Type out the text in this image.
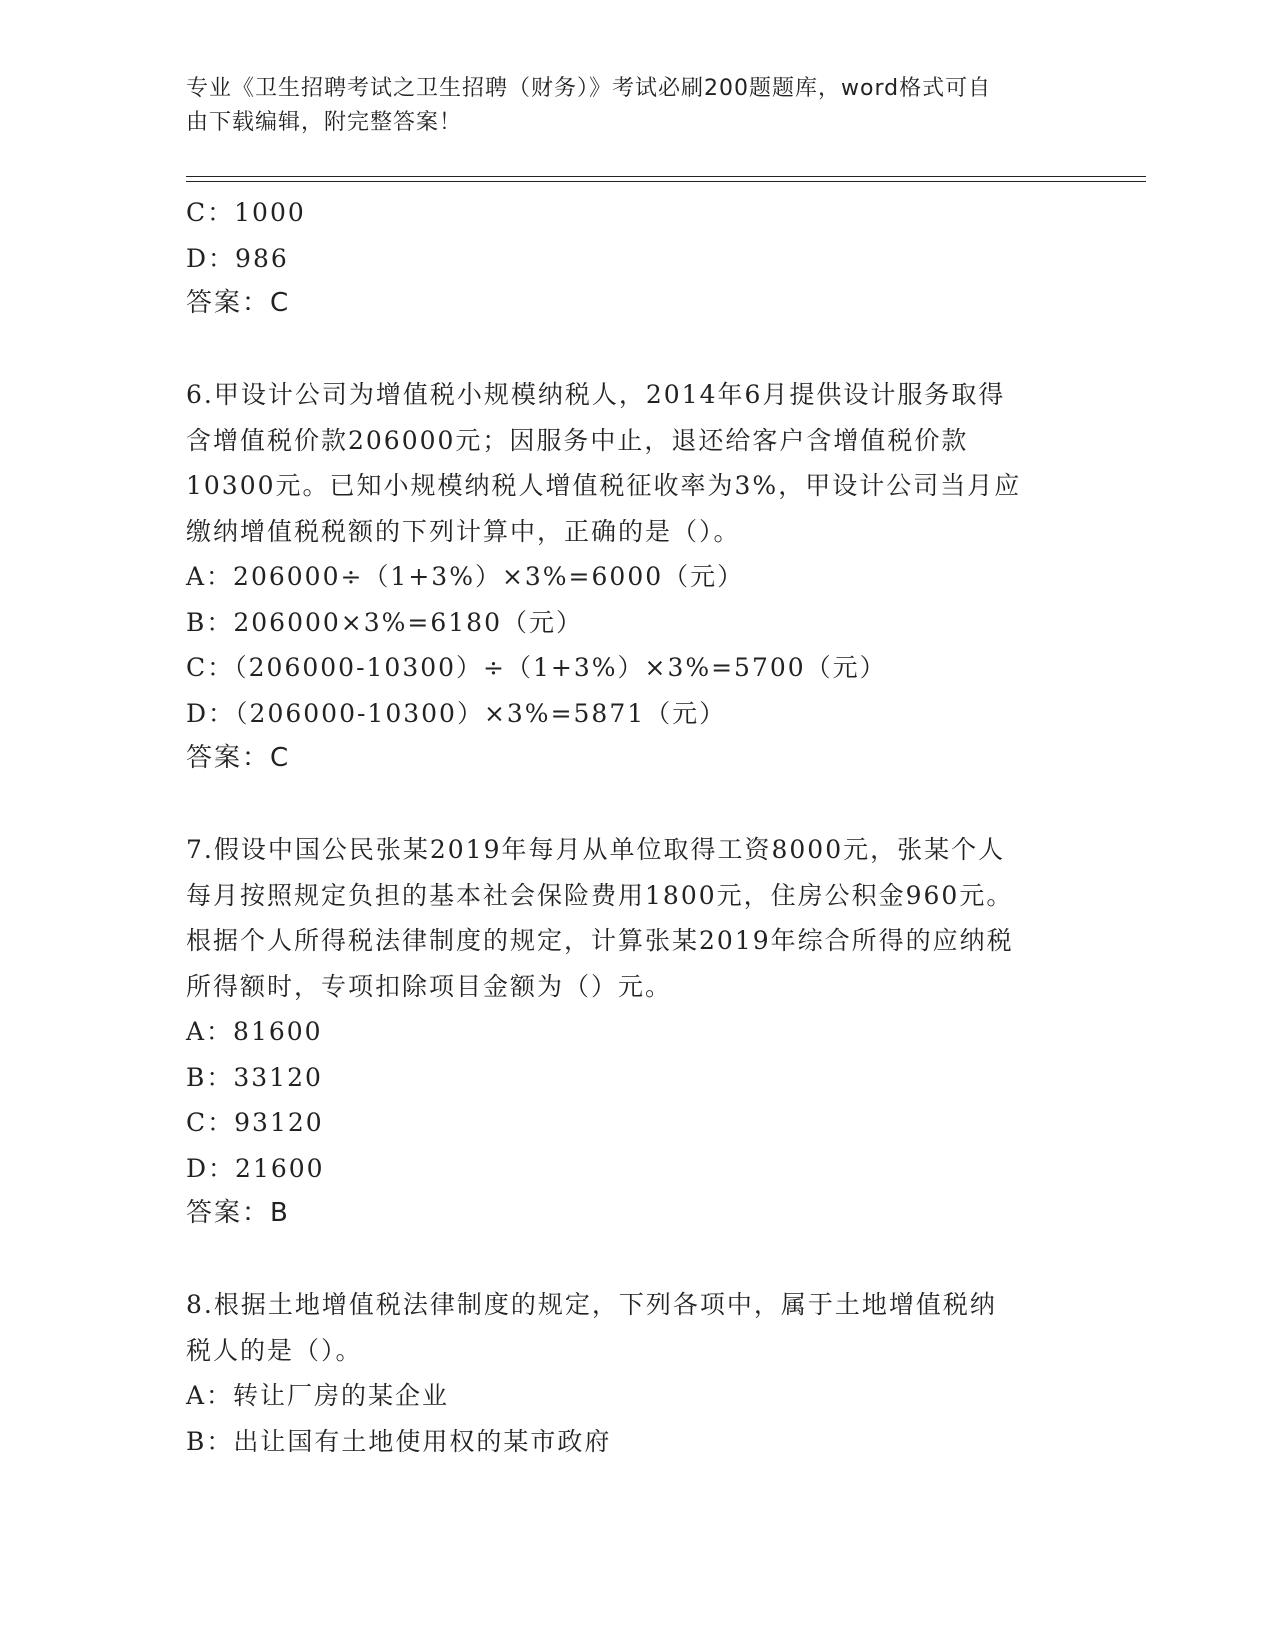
专业《卫生招聘考试之卫生招聘（财务）》考试必刷200题题库，word格式可自
由下载编辑，附完整答案！
C：1000
D：986
答案：C
6.甲设计公司为增值税小规模纳税人，2014年6月提供设计服务取得
含增值税价款206000元；因服务中止，退还给客户含增值税价款
10300元。已知小规模纳税人增值税征收率为3%，甲设计公司当月应
缴纳增值税税额的下列计算中，正确的是（）。
A：206000÷（1+3%）×3%=6000（元）
B：206000×3%=6180（元）
C：（206000-10300）÷（1+3%）×3%=5700（元）
D：（206000-10300）×3%=5871（元）
答案：C
7.假设中国公民张某2019年每月从单位取得工资8000元，张某个人
每月按照规定负担的基本社会保险费用1800元，住房公积金960元。
根据个人所得税法律制度的规定，计算张某2019年综合所得的应纳税
所得额时，专项扣除项目金额为（）元。
A：81600
B：33120
C：93120
D：21600
答案：B
8.根据土地增值税法律制度的规定，下列各项中，属于土地增值税纳
税人的是（）。
A：转让厂房的某企业
B：出让国有土地使用权的某市政府
